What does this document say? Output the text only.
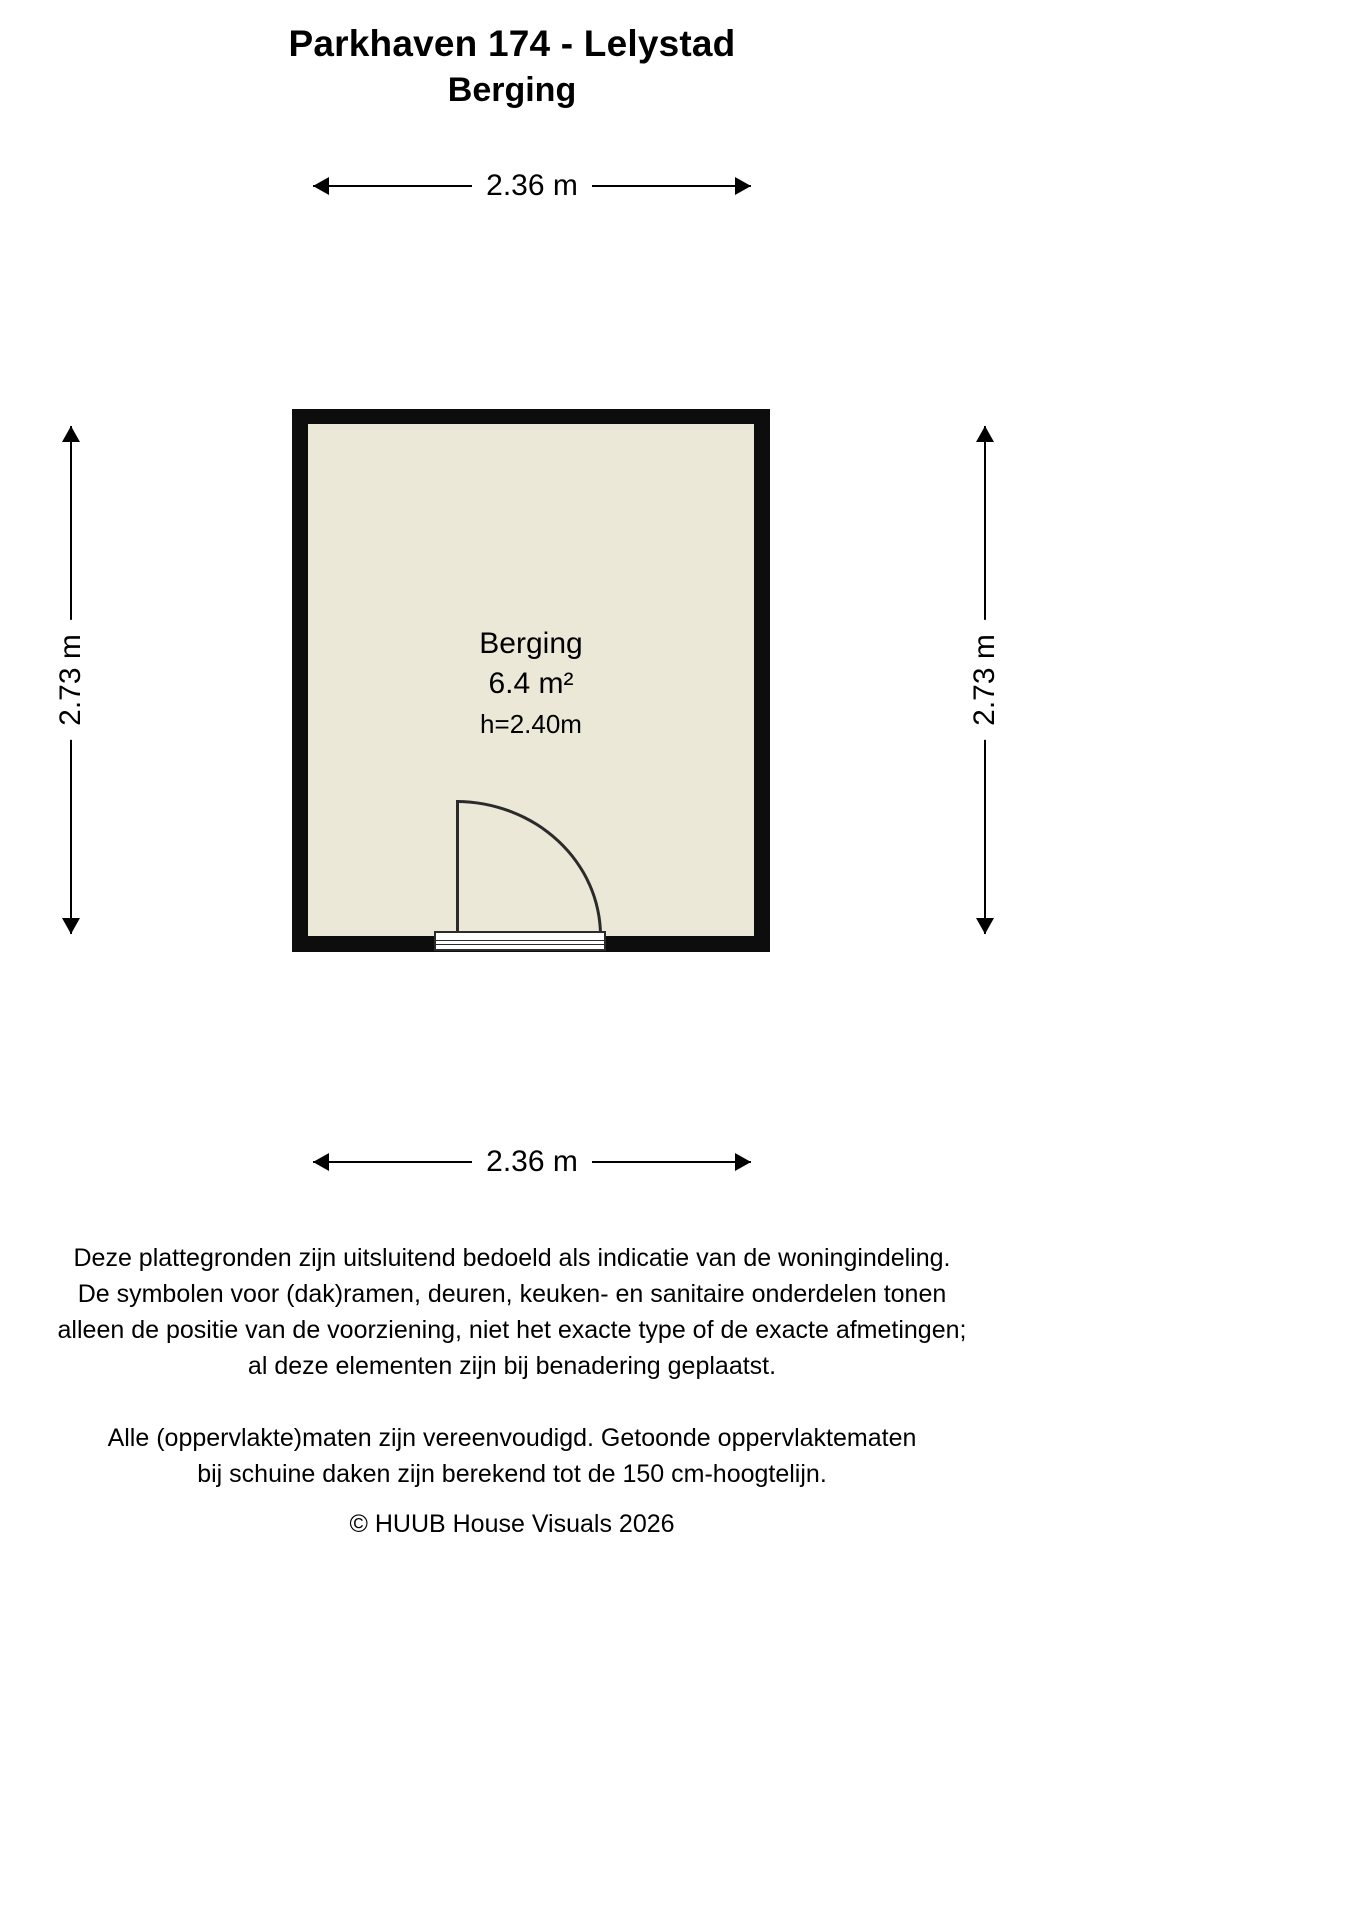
Parkhaven 174 - Lelystad
Berging
2.36 m
2.73 m	2.73 m
Berging
6.4 m²
h=2.40m
2.36 m

Deze plattegronden zijn uitsluitend bedoeld als indicatie van de woningindeling.

De symbolen voor (dak)ramen, deuren, keuken- en sanitaire onderdelen tonen

alleen de positie van de voorziening, niet het exacte type of de exacte afmetingen;

al deze elementen zijn bij benadering geplaatst.

Alle (oppervlakte)maten zijn vereenvoudigd. Getoonde oppervlaktematen

bij schuine daken zijn berekend tot de 150 cm-hoogtelijn.

© HUUB House Visuals 2026
